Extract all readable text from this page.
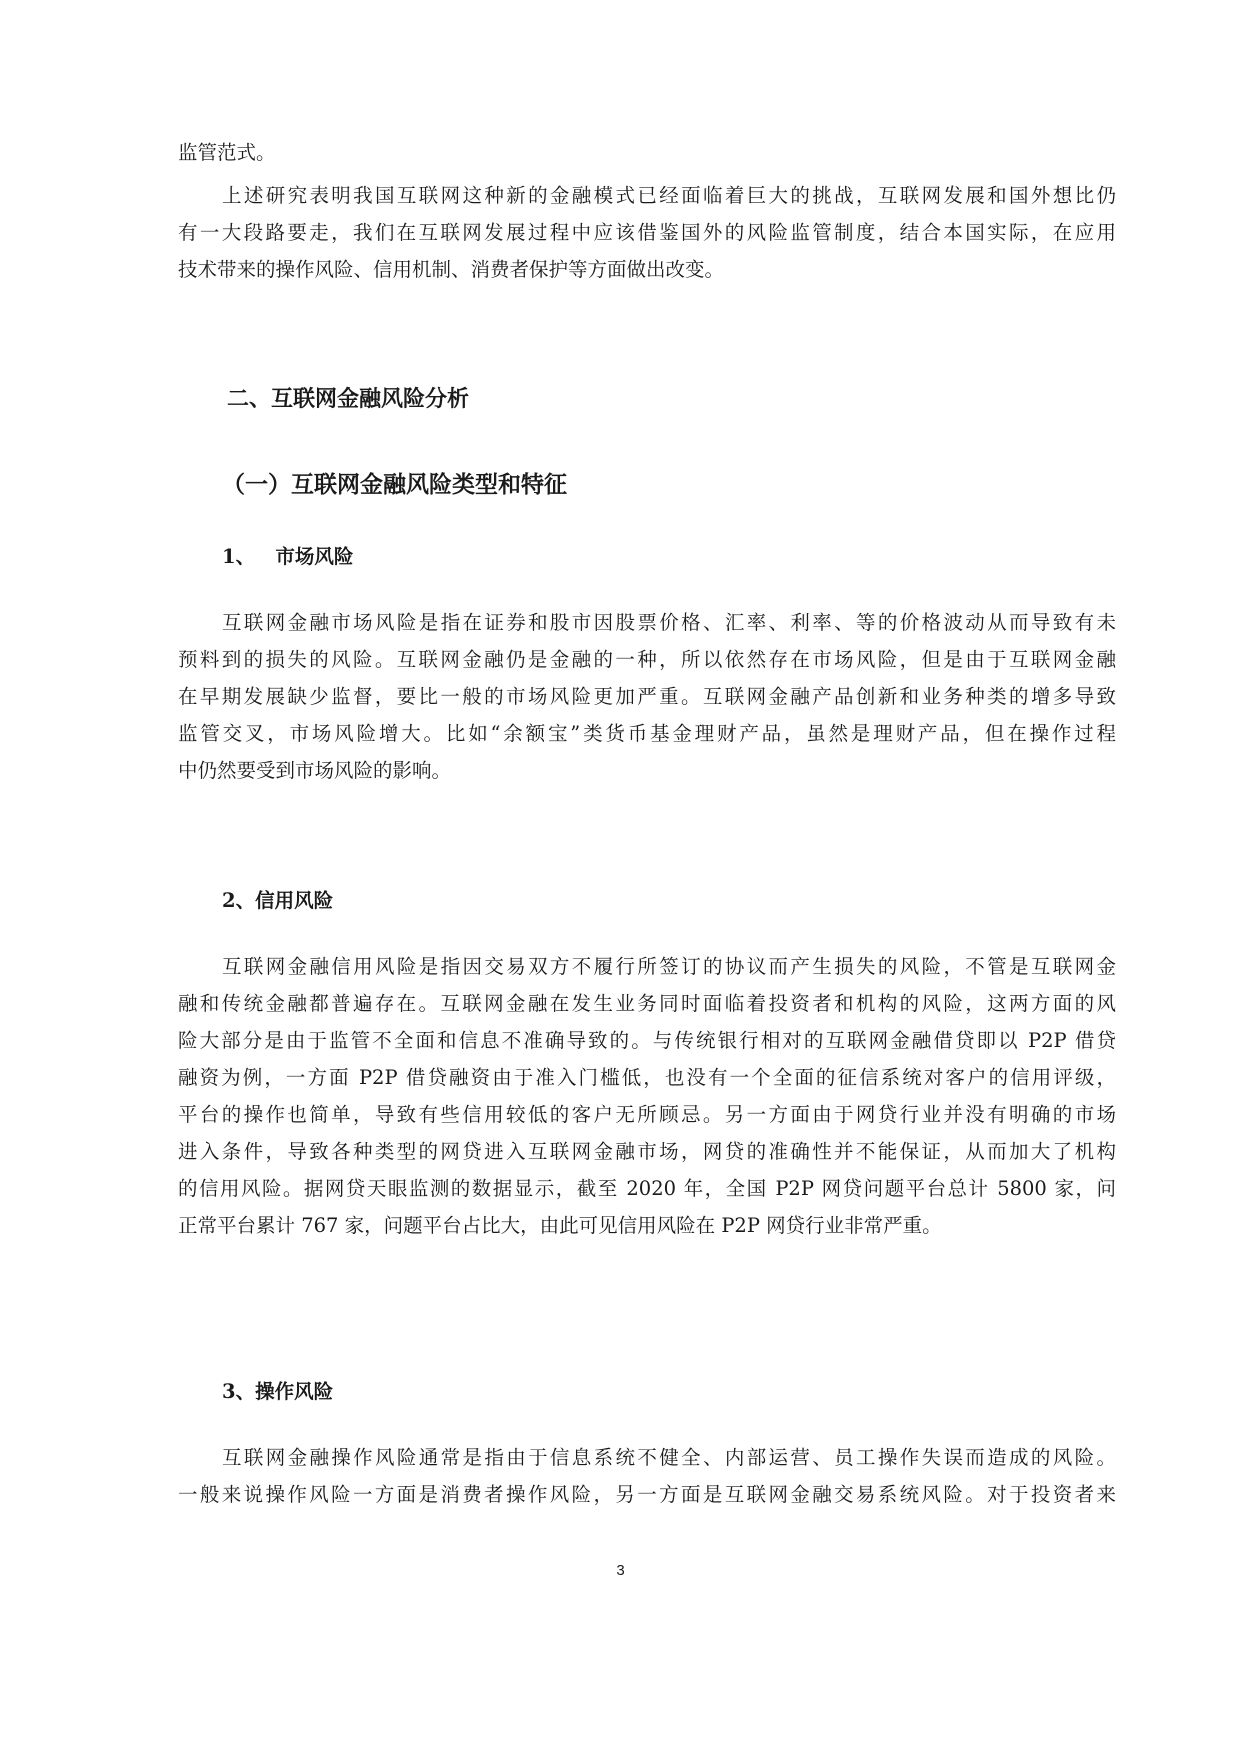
监管范式。

上述研究表明我国互联网这种新的金融模式已经面临着巨大的挑战，互联网发展和国外想比仍

有一大段路要走，我们在互联网发展过程中应该借鉴国外的风险监管制度，结合本国实际，在应用

技术带来的操作风险、信用机制、消费者保护等方面做出改变。

二、互联网金融风险分析
（一）互联网金融风险类型和特征
1、   市场风险

互联网金融市场风险是指在证券和股市因股票价格、汇率、利率、等的价格波动从而导致有未

预料到的损失的风险。互联网金融仍是金融的一种，所以依然存在市场风险，但是由于互联网金融

在早期发展缺少监督，要比一般的市场风险更加严重。互联网金融产品创新和业务种类的增多导致

监管交叉，市场风险增大。比如“余额宝”类货币基金理财产品，虽然是理财产品，但在操作过程

中仍然要受到市场风险的影响。

2、信用风险

互联网金融信用风险是指因交易双方不履行所签订的协议而产生损失的风险，不管是互联网金

融和传统金融都普遍存在。互联网金融在发生业务同时面临着投资者和机构的风险，这两方面的风

险大部分是由于监管不全面和信息不准确导致的。与传统银行相对的互联网金融借贷即以 P2P 借贷

融资为例，一方面 P2P 借贷融资由于准入门槛低，也没有一个全面的征信系统对客户的信用评级，

平台的操作也简单，导致有些信用较低的客户无所顾忌。另一方面由于网贷行业并没有明确的市场

进入条件，导致各种类型的网贷进入互联网金融市场，网贷的准确性并不能保证，从而加大了机构

的信用风险。据网贷天眼监测的数据显示，截至 2020 年，全国 P2P 网贷问题平台总计 5800 家，问

正常平台累计 767 家，问题平台占比大，由此可见信用风险在 P2P 网贷行业非常严重。

3、操作风险

互联网金融操作风险通常是指由于信息系统不健全、内部运营、员工操作失误而造成的风险。

一般来说操作风险一方面是消费者操作风险，另一方面是互联网金融交易系统风险。对于投资者来

3
